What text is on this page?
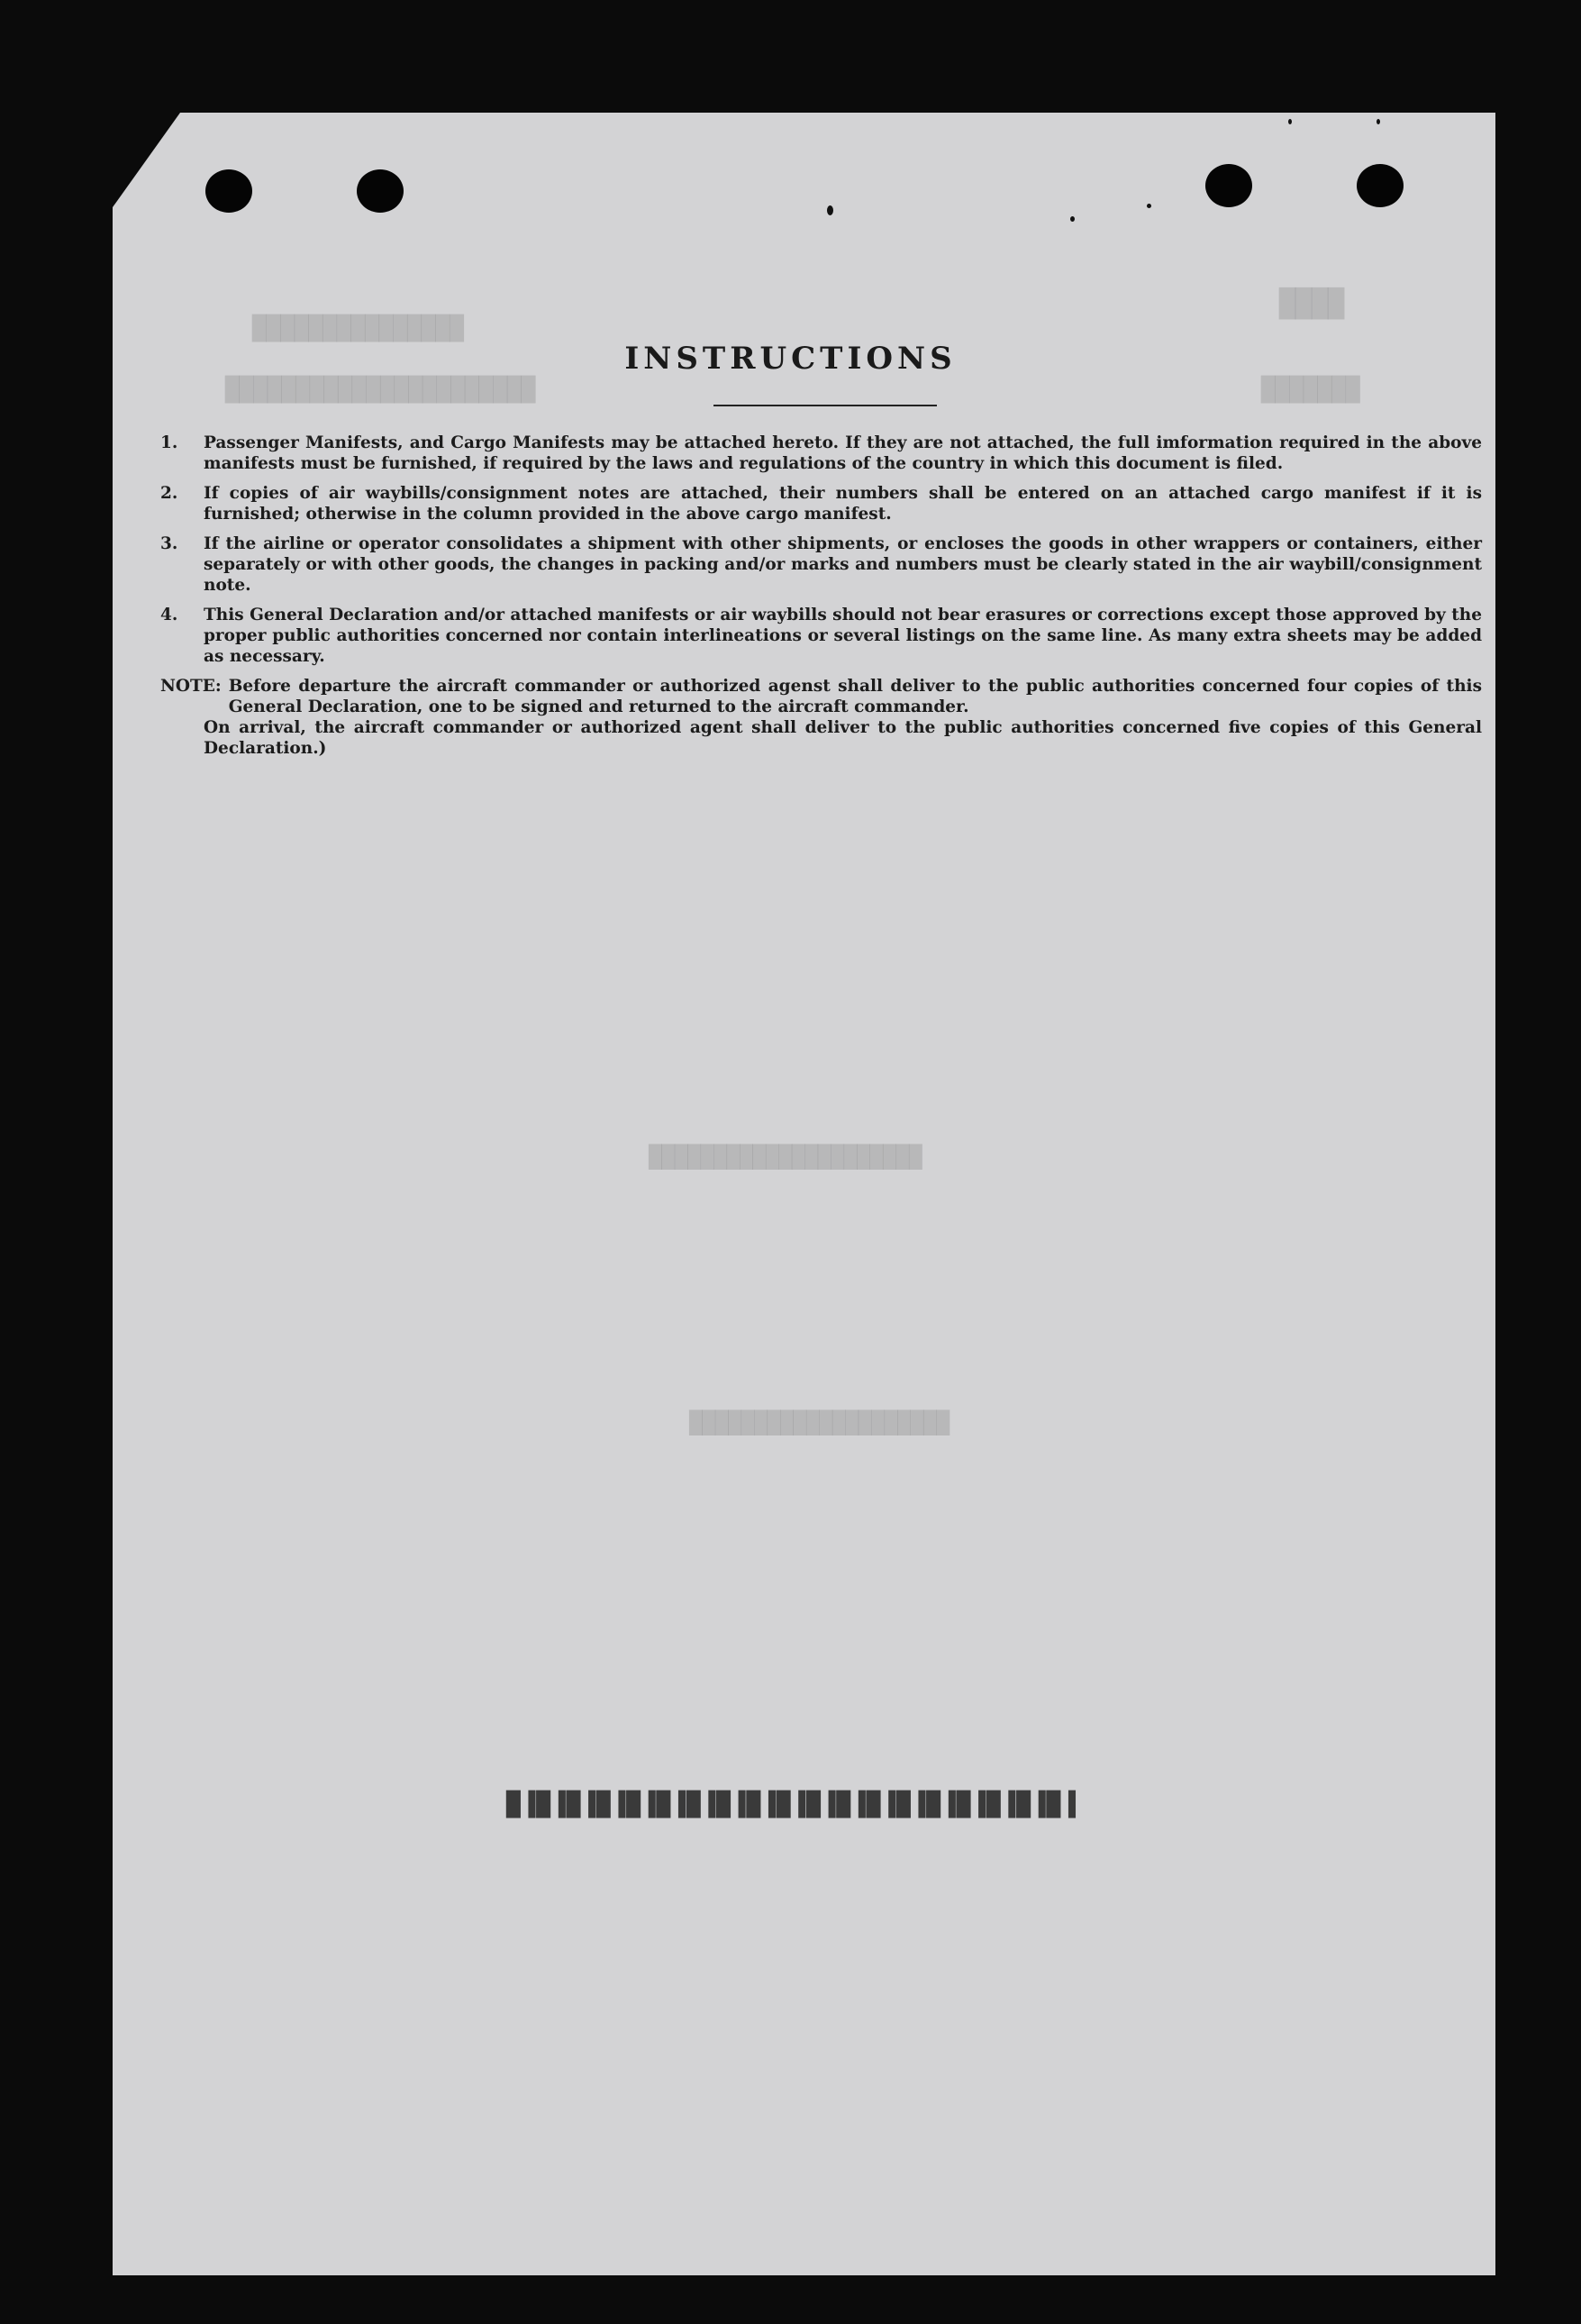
████
███████████████
██████████████████████	███████
█████████████████████
████████████████████
▌█▌█▌█▌█▌█▌█▌█▌█▌█▌█▌█▌█▌█▌█▌█▌█▌█▌█▌█
INSTRUCTIONS
1.	Passenger Manifests, and Cargo Manifests may be attached hereto. If they are not attached, the full imformation required in the above manifests must be furnished, if required by the laws and regulations of the country in which this document is filed.
2.	If copies of air waybills/consignment notes are attached, their numbers shall be entered on an attached cargo manifest if it is furnished; otherwise in the column provided in the above cargo manifest.
3.	If the airline or operator consolidates a shipment with other shipments, or encloses the goods in other wrappers or containers, either separately or with other goods, the changes in packing and/or marks and numbers must be clearly stated in the air waybill/consignment note.
4.	This General Declaration and/or attached manifests or air waybills should not bear erasures or corrections except those approved by the proper public authorities concerned nor contain interlineations or several listings on the same line. As many extra sheets may be added as necessary.
NOTE: Before departure the aircraft commander or authorized agenst shall deliver to the public authorities concerned four copies of this General Declaration, one to be signed and returned to the aircraft commander.
On arrival, the aircraft commander or authorized agent shall deliver to the public authorities concerned five copies of this General Declaration.)
